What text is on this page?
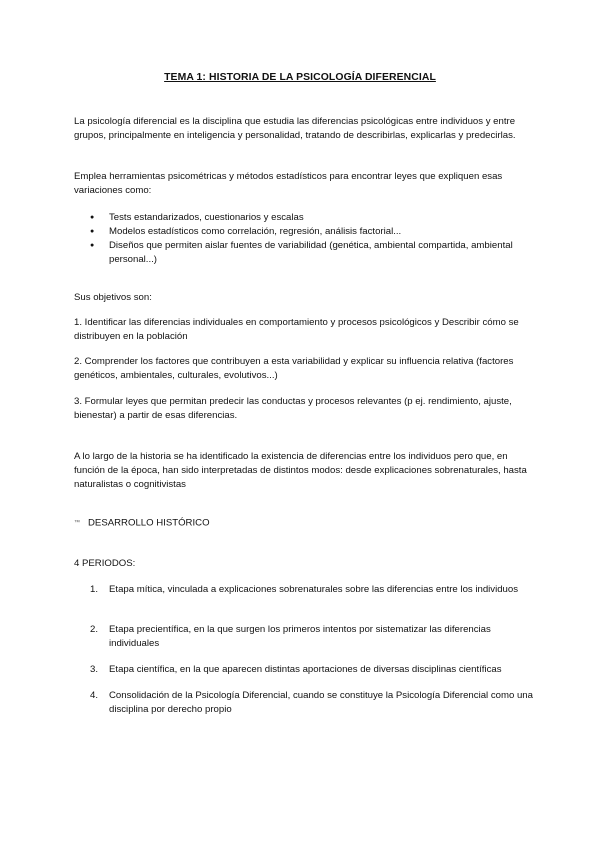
TEMA 1: HISTORIA DE LA PSICOLOGÍA DIFERENCIAL

La psicología diferencial es la disciplina que estudia las diferencias psicológicas entre individuos y entre grupos, principalmente en inteligencia y personalidad, tratando de describirlas, explicarlas y predecirlas.

Emplea herramientas psicométricas y métodos estadísticos para encontrar leyes que expliquen esas variaciones como:

● Tests estandarizados, cuestionarios y escalas
● Modelos estadísticos como correlación, regresión, análisis factorial...
● Diseños que permiten aislar fuentes de variabilidad (genética, ambiental compartida, ambiental personal...)

Sus objetivos son:

1. Identificar las diferencias individuales en comportamiento y procesos psicológicos y Describir cómo se distribuyen en la población

2. Comprender los factores que contribuyen a esta variabilidad y explicar su influencia relativa (factores genéticos, ambientales, culturales, evolutivos...)

3. Formular leyes que permitan predecir las conductas y procesos relevantes (p ej. rendimiento, ajuste, bienestar) a partir de esas diferencias.

A lo largo de la historia se ha identificado la existencia de diferencias entre los individuos pero que, en función de la época, han sido interpretadas de distintos modos: desde explicaciones sobrenaturales, hasta naturalistas o cognitivistas

™ DESARROLLO HISTÓRICO

4 PERIODOS:

1. Etapa mítica, vinculada a explicaciones sobrenaturales sobre las diferencias entre los individuos
2. Etapa precientífica, en la que surgen los primeros intentos por sistematizar las diferencias individuales
3. Etapa científica, en la que aparecen distintas aportaciones de diversas disciplinas científicas
4. Consolidación de la Psicología Diferencial, cuando se constituye la Psicología Diferencial como una disciplina por derecho propio
